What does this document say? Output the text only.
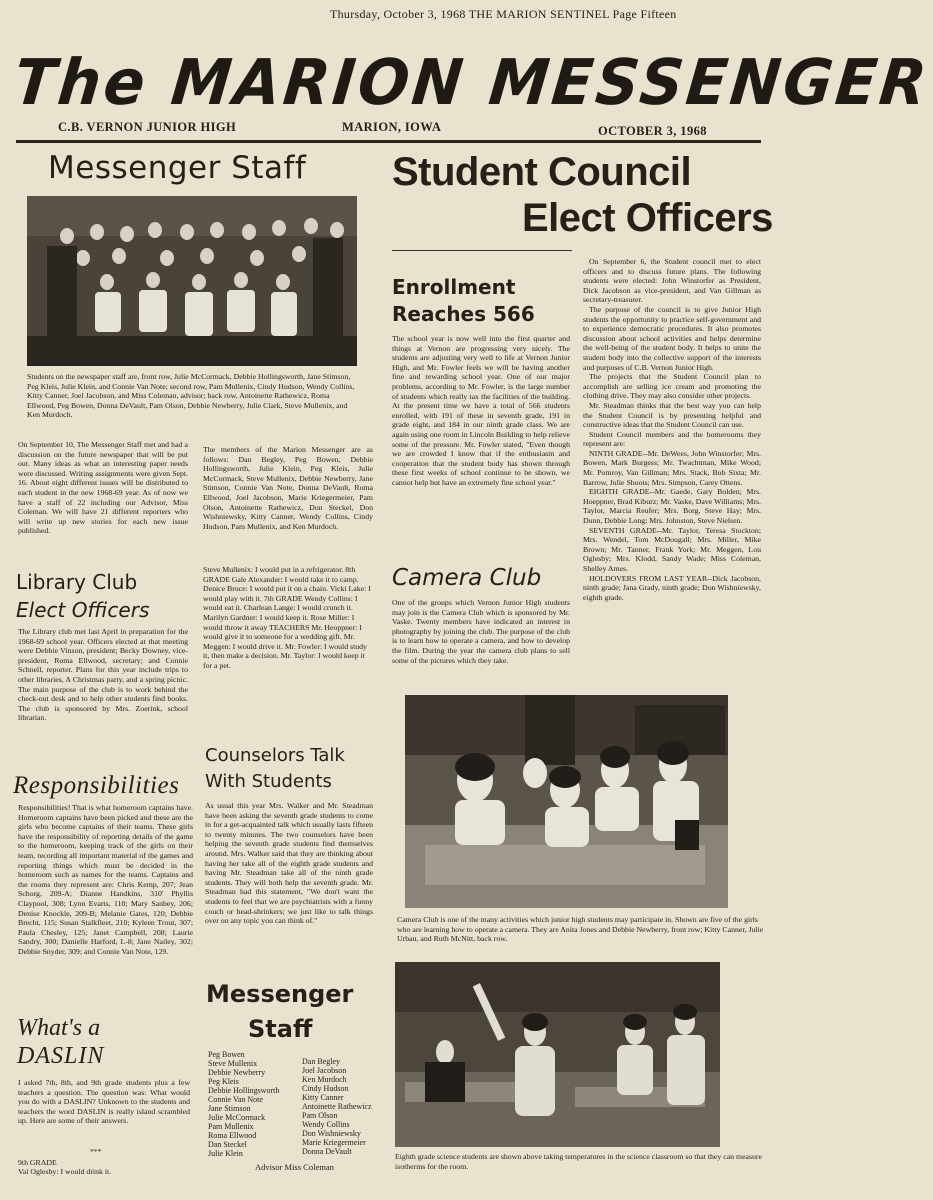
Thursday, October 3, 1968 THE MARION SENTINEL Page Fifteen
The MARION MESSENGER
C.B. VERNON JUNIOR HIGH	MARION, IOWA	OCTOBER 3, 1968
Messenger Staff
Students on the newspaper staff are, front row, Julie McCormack, Debbie Hollingsworth, Jane Stimson, Peg Kleis, Julie Klein, and Connie Van Note; second row, Pam Mullenix, Cindy Hudson, Wendy Collins, Kitty Canner, Joel Jacobson, and Miss Coleman, advisor; back row, Antoinette Rathewicz, Roma Ellwood, Peg Bowen, Donna DeVault, Pam Olson, Debbie Newberry, Julie Clark, Steve Mullenix, and Ken Murdoch.
On September 10, The Messenger Staff met and had a discussion on the future newspaper that will be put out. Many ideas as what an interesting paper needs were discussed. Writing assignments were given Sept. 16. About eight different issues will be distributed to each student in the new 1968-69 year. As of now we have a staff of 22 including our Advisor, Miss Coleman. We will have 21 different reporters who will write up new stories for each new issue published.
The members of the Marion Messenger are as follows: Dan Begley, Peg Bowen, Debbie Hollingsworth, Julie Klein, Peg Kleis, Julie McCormack, Steve Mullenix, Debbie Newberry, Jane Stimson, Connie Van Note, Donna DeVault, Roma Ellwood, Joel Jacobson, Marie Kriegermeier, Pam Olson, Antoinette Rathewicz, Don Steckel, Don Wishniewsky, Kitty Canner, Wendy Collins, Cindy Hudson, Pam Mullenix, and Ken Murdoch.
Student Council
Elect Officers

On September 6, the Student council met to elect officers and to discuss future plans. The following students were elected: John Winstorfer as President, Dick Jacobson as vice-president, and Van Gillman as secretary-treasurer.

The purpose of the council is to give Junior High students the opportunity to practice self-government and to experience democratic procedures. It also promotes discussion about school activities and helps determine the well-being of the student body. It helps to unite the student body into the collective support of the interests and purposes of C.B. Vernon Junior High.

The projects that the Student Council plan to accomplish are selling ice cream and promoting the clothing drive. They may also consider other projects.

Mr. Steadman thinks that the best way you can help the Student Council is by presenting helpful and constructive ideas that the Student Council can use.

Student Council members and the homerooms they represent are:

NINTH GRADE--Mr. DeWees, John Winstorfer; Mrs. Bowen, Mark Burgess; Mr. Twachtman, Mike Wood; Mr. Pomroy, Van Gillman; Mrs. Stack, Bob Sixta; Mr. Barrow, Julie Shoots; Mrs. Simpson, Carey Ottens.

EIGHTH GRADE--Mr. Gaede, Gary Bolden; Mrs. Hoeppner, Brad Kiburz; Mr. Vaske, Dave Williams; Mrs. Taylor, Marcia Reufer; Mrs. Borg, Steve Hay; Mrs. Dunn, Debbie Long; Mrs. Johnston, Steve Nielsen.

SEVENTH GRADE--Mr. Taylor, Teresa Stockton; Mrs. Wendel, Tom McDougall; Mrs. Miller, Mike Brown; Mr. Tanner, Frank York; Mr. Meggen, Lou Oglesby; Mrs. Klodd, Sandy Wade; Miss Coleman, Shelley Ames.

HOLDOVERS FROM LAST YEAR--Dick Jacobson, ninth grade; Jana Grady, ninth grade; Don Wishniewsky, eighth grade.

Enrollment
Reaches 566
The school year is now well into the first quarter and things at Vernon are progressing very nicely. The students are adjusting very well to life at Vernon Junior High, and Mr. Fowler feels we will be having another fine and rewarding school year. One of our major problems, according to Mr. Fowler, is the large number of students which really tax the facilities of the building. At the present time we have a total of 566 students enrolled, with 191 of these in seventh grade, 191 in grade eight, and 184 in our ninth grade class. We are again using one room in Lincoln Building to help relieve some of the pressure. Mr. Fowler stated, "Even though we are crowded I know that if the enthusiasm and cooperation that the student body has shown through these first weeks of school continue to be shown, we cannot help but have an extremely fine school year."
Library Club
Elect Officers
The Library club met last April in preparation for the 1968-69 school year. Officers elected at that meeting were Debbie Vinson, president; Becky Downey, vice-president, Roma Ellwood, secretary; and Connie Schnell, reporter. Plans for this year include trips to other libraries, A Christmas party, and a spring picnic. The main purpose of the club is to work behind the check-out desk and to help other students find books. The club is sponsored by Mrs. Zoerink, school librarian.
Steve Mullenix: I would put in a refrigerator. 8th GRADE Gale Alexander: I would take it to camp. Denice Bruce: I would put it on a chain. Vicki Lake: I would play with it. 7th GRADE Wendy Collins: I would eat it. Charlean Lange: I would crunch it. Marilyn Gardner: I would keep it. Rose Miller: I would throw it away TEACHERS Mr. Heoppner: I would give it to someone for a wedding gift. Mr. Meggen: I would drive it. Mr. Fowler: I would study it, then make a decision. Mr. Taylor: I would keep it for a pet.
Camera Club
One of the groups which Vernon Junior High students may join is the Camera Club which is sponsored by Mr. Vaske. Twenty members have indicated an interest in photography by joining the club. The purpose of the club is to learn how to operate a camera, and how to develop the film. During the year the camera club plans to sell some of the pictures which they take.
Camera Club is one of the many activities which junior high students may participate in. Shown are five of the girls who are learning how to operate a camera. They are Anita Jones and Debbie Newberry, front row; Kitty Canner, Julie Urban, and Ruth McNitt, back row.
Responsibilities
Responsibilities! That is what homeroom captains have. Homeroom captains have been picked and these are the girls who become captains of their teams. These girls have the responsibility of reporting details of the game to the homeroom, keeping track of the girls on their team, recording all important material of the games and reporting things which must be decided in the homeroom such as names for the teams. Captains and the rooms they represent are: Chris Kemp, 207; Jean Schorg, 209-A; Dianne Handkins, 310' Phyllis Claypool, 308; Lynn Evarts, 110; Mary Sanbey, 206; Denise Knockle, 209-B; Melanie Gates, 120; Debbie Brecht, 115; Susan Stalkfleet, 210; Kyleen Trout, 307; Paula Chesley, 125; Janet Campbell, 208; Laurie Sandry, 300; Danielle Harford, L-8; Jane Nailey, 302; Debbie Snyder, 309; and Connie Van Note, 129.
Counselors Talk
With Students
As usual this year Mrs. Walker and Mr. Steadman have been asking the seventh grade students to come in for a get-acquainted talk which usually lasts fifteen to twenty minutes. The two counselors have been helping the seventh grade students find themselves around. Mrs. Walker said that they are thinking about having her take all of the eighth grade students and having Mr. Steadman take all of the ninth grade students. They will both help the seventh grade. Mr. Steadman had this statement, "We don't want the students to feel that we are psychiatrists with a funny couch or head-shrinkers; we just like to talk things over on any topic you can think of."
What's a
DASLIN
I asked 7th, 8th, and 9th grade students plus a few teachers a question. The question was: What would you do with a DASLIN? Unknown to the students and teachers the word DASLIN is really island scrambled up. Here are some of their answers.
***
9th GRADE
Val Oglesby: I would drink it.
Messenger
Staff
Peg Bowen
Steve Mullenix
Debbie Newberry
Peg Kleis
Debbie Hollingsworth
Connie Van Note
Jane Stimson
Julie McCormack
Pam Mullenix
Roma Ellwood
Dan Steckel
Julie Klein
Dan Begley
Joel Jacobson
Ken Murdoch
Cindy Hudson
Kitty Canner
Antoinette Rathewicz
Pam Olson
Wendy Collins
Don Wishniewsky
Marie Kriegermeier
Donna DeVault
Advisor Miss Coleman
Eighth grade science students are shown above taking temperatures in the science classroom so that they can measure isotherms for the room.
